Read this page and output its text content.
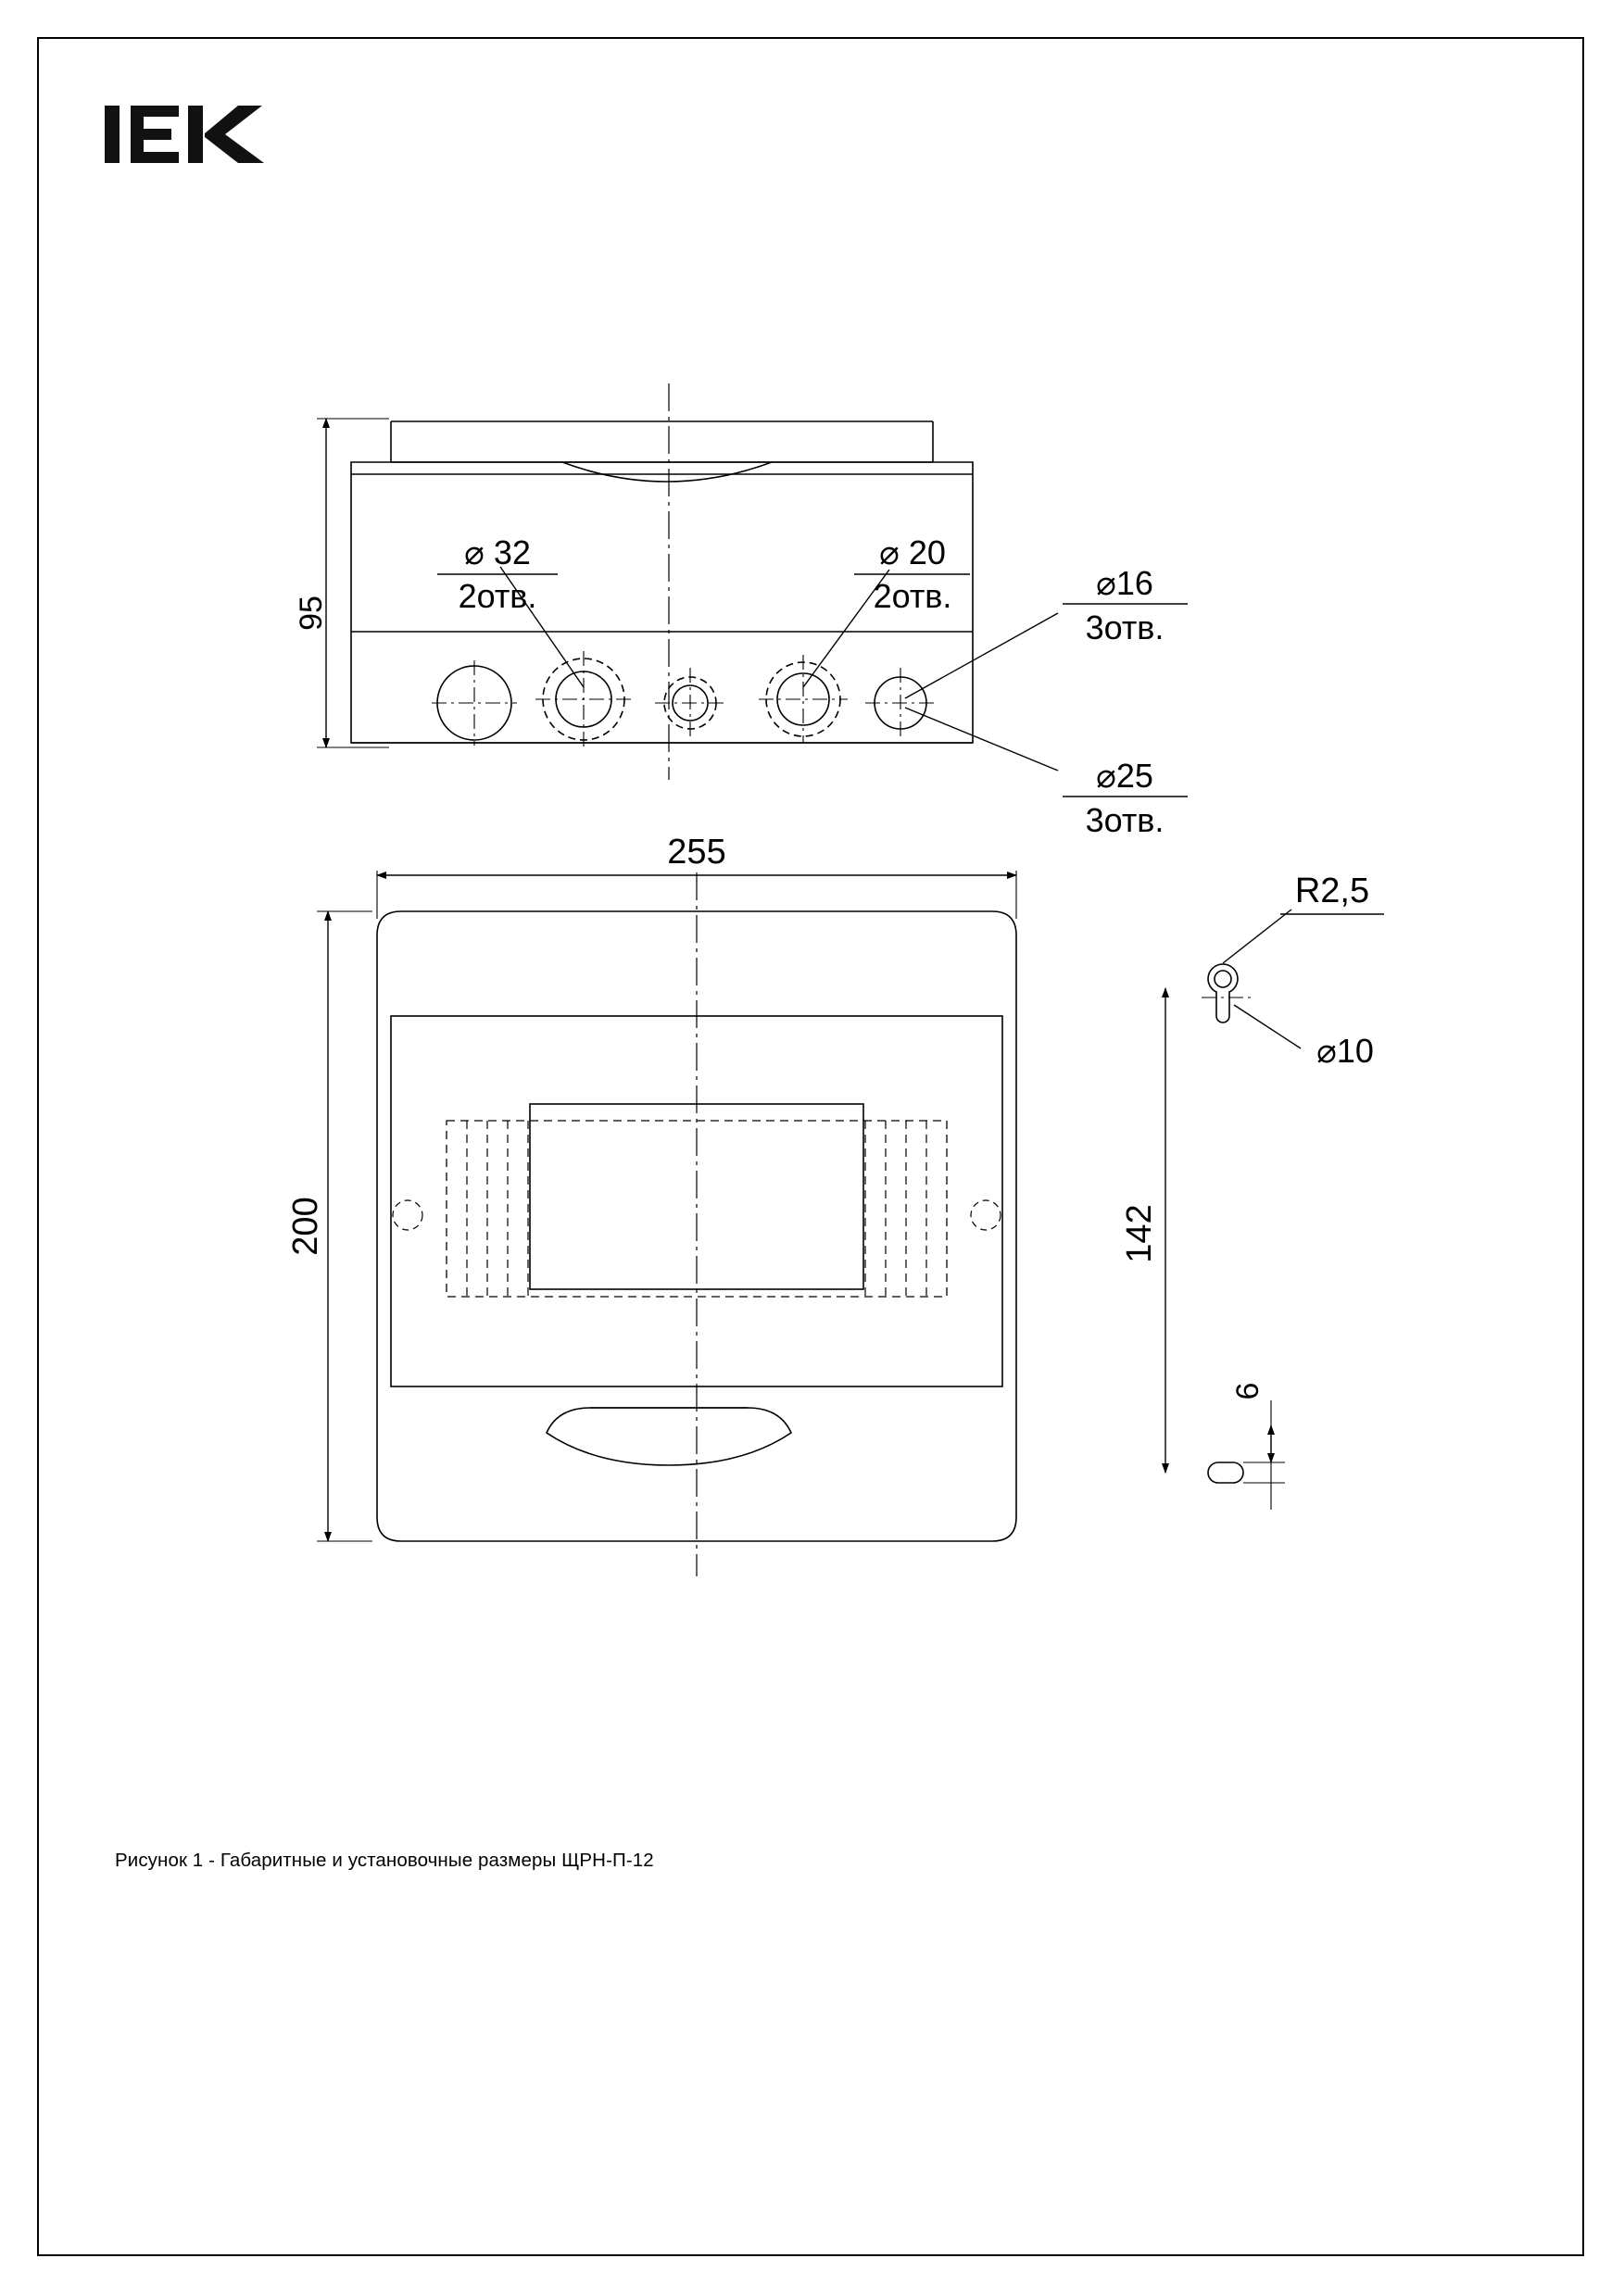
95
⌀ 32
2отв.
⌀ 20
2отв.	⌀16
3отв.
⌀25
3отв.
255
200	142
6
R2,5
⌀10
Рисунок 1 - Габаритные и установочные размеры ЩРН-П-12
